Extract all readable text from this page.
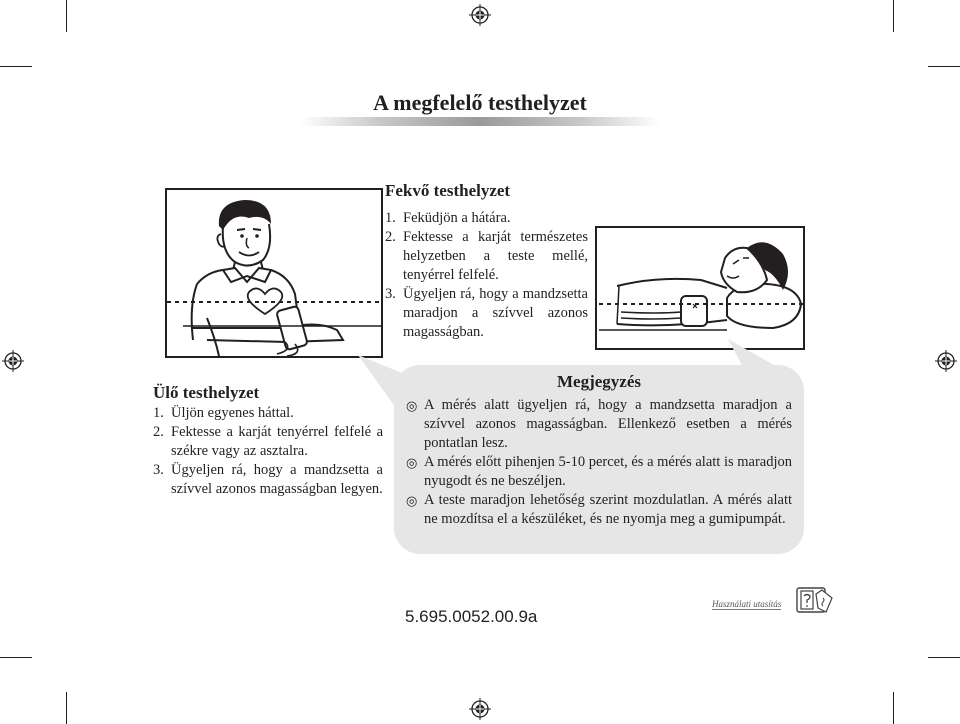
A megfelelő testhelyzet
Fekvő testhelyzet
1. Feküdjön a hátára.
2. Fektesse a karját természetes helyzetben a teste mellé, tenyérrel felfelé.
3. Ügyeljen rá, hogy a mandzsetta maradjon a szívvel azonos magasságban.
Ülő testhelyzet
1. Üljön egyenes háttal.
2. Fektesse a karját tenyérrel felfelé a székre vagy az asztalra.
3. Ügyeljen rá, hogy a mandzsetta a szívvel azonos magasságban legyen.
Megjegyzés
◎ A mérés alatt ügyeljen rá, hogy a mandzsetta maradjon a szívvel azonos magasságban. Ellenkező esetben a mérés pontatlan lesz.
◎ A mérés előtt pihenjen 5-10 percet, és a mérés alatt is maradjon nyugodt és ne beszéljen.
◎ A teste maradjon lehetőség szerint mozdulatlan. A mérés alatt ne mozdítsa el a készüléket, és ne nyomja meg a gumipumpát.
5.695.0052.00.9a
Használati utasítás
